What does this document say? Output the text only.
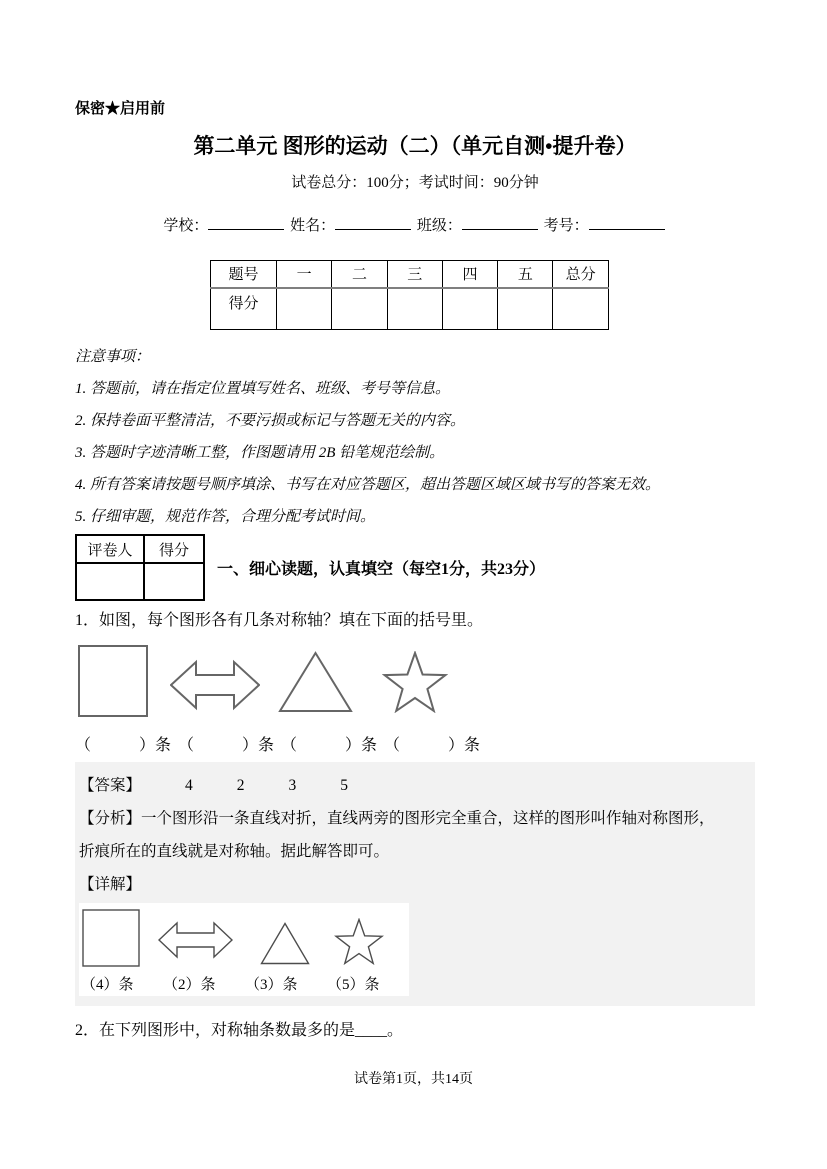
保密★启用前
第二单元 图形的运动（二）（单元自测•提升卷）
试卷总分：100分；考试时间：90分钟
学校：	姓名：	班级：	考号：
题号	一	二	三	四	五	总分
得分						
注意事项：
1. 答题前，请在指定位置填写姓名、班级、考号等信息。
2. 保持卷面平整清洁，不要污损或标记与答题无关的内容。
3. 答题时字迹清晰工整，作图题请用 2B 铅笔规范绘制。
4. 所有答案请按题号顺序填涂、书写在对应答题区，超出答题区域区域书写的答案无效。
5. 仔细审题，规范作答，合理分配考试时间。
评卷人	得分

一、细心读题，认真填空（每空1分，共23分）
1．如图，每个图形各有几条对称轴？填在下面的括号里。
（　　　）条 （　　　）条 （　　　）条 （　　　）条
【答案】	4	2	3	5
【分析】一个图形沿一条直线对折，直线两旁的图形完全重合，这样的图形叫作轴对称图形，折痕所在的直线就是对称轴。据此解答即可。
【详解】
（4）条	（2）条	（3）条	（5）条
2．在下列图形中，对称轴条数最多的是____。
试卷第1页，共14页
